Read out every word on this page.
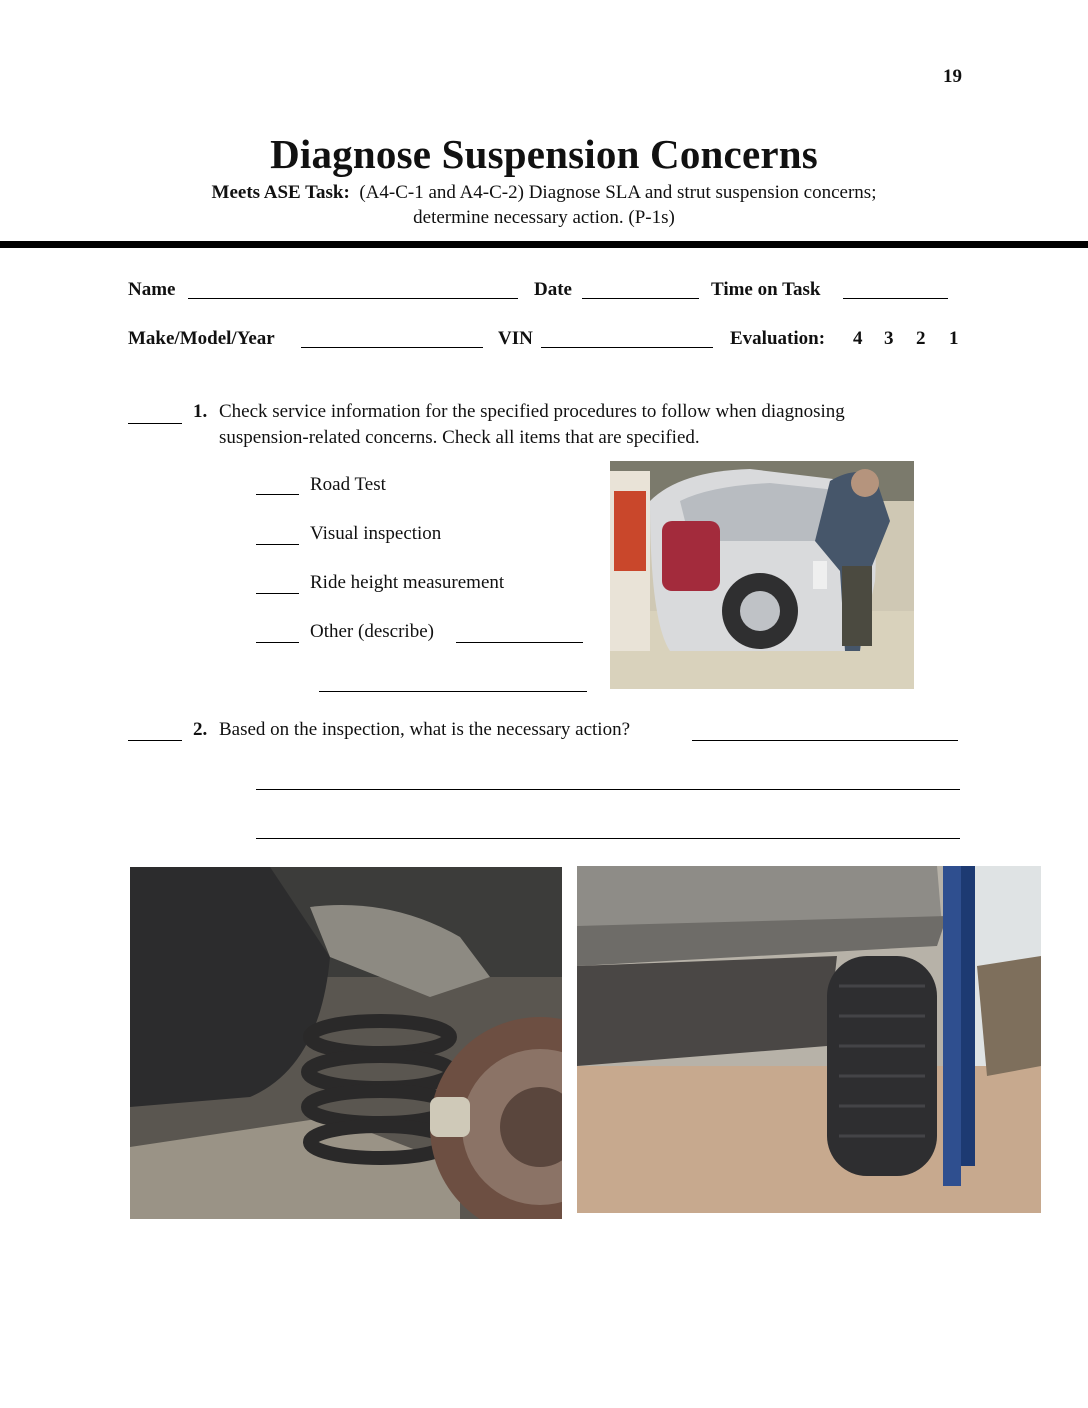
19
Diagnose Suspension Concerns
Meets ASE Task: (A4-C-1 and A4-C-2) Diagnose SLA and strut suspension concerns;
determine necessary action. (P-1s)
Name	Date	Time on Task
Make/Model/Year	VIN	Evaluation: 4 3 2 1
1. Check service information for the specified procedures to follow when diagnosing
suspension-related concerns. Check all items that are specified.
Road Test
Visual inspection
Ride height measurement
Other (describe)
2. Based on the inspection, what is the necessary action?
